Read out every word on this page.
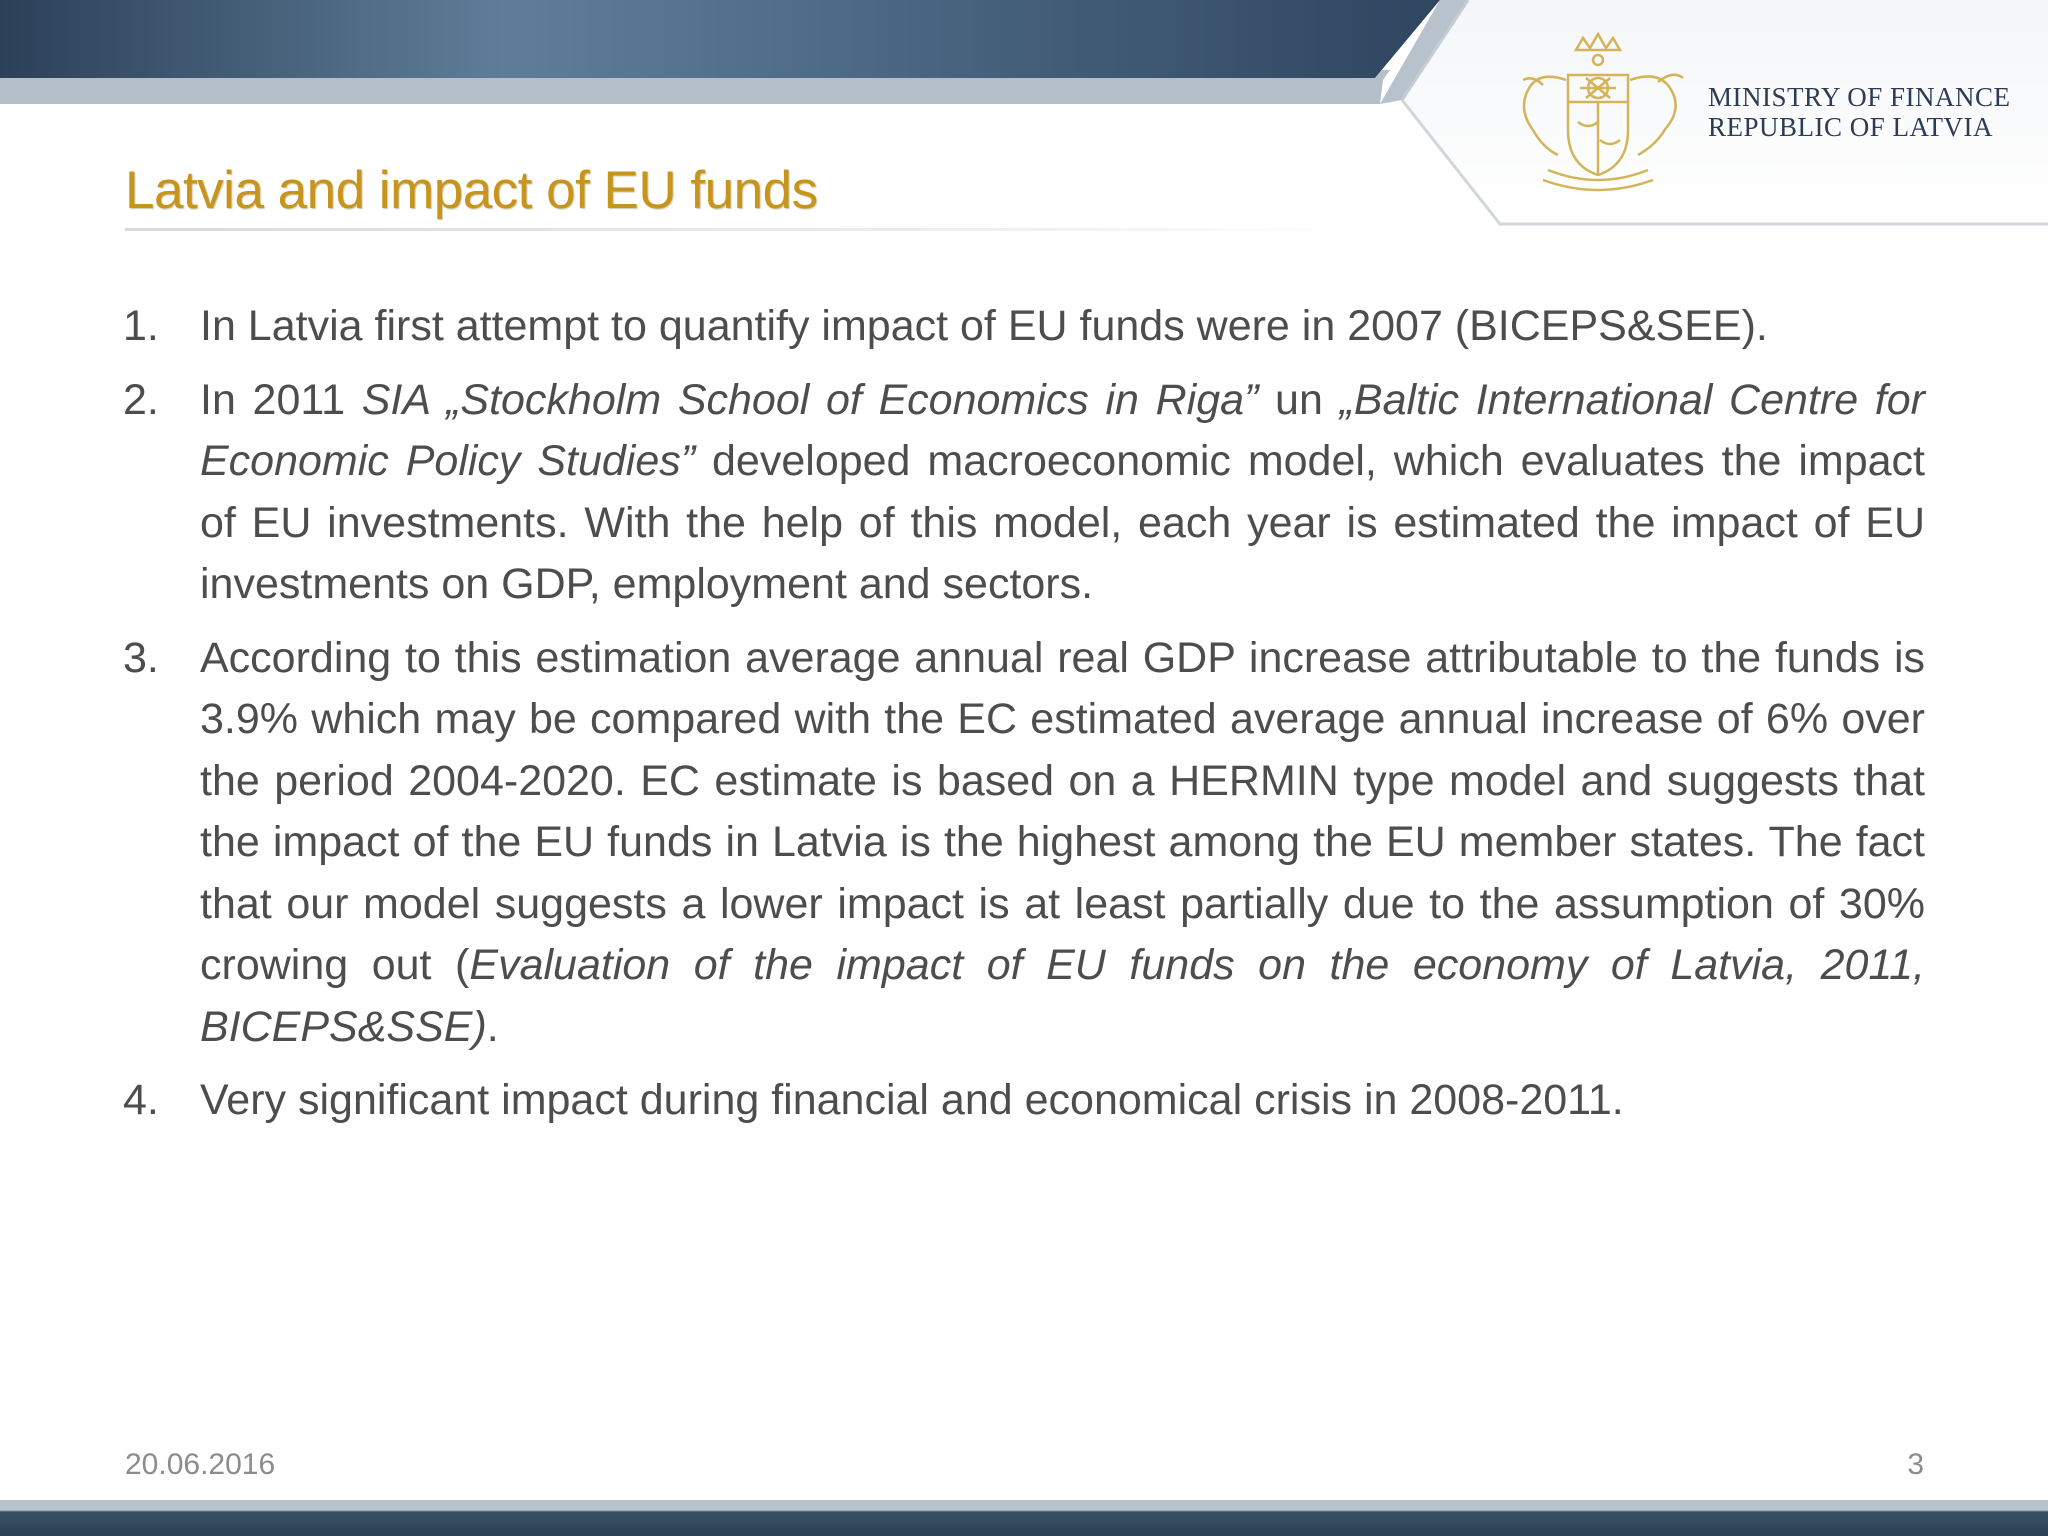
MINISTRY OF FINANCE
REPUBLIC OF LATVIA
Latvia and impact of EU funds
1. In Latvia first attempt to quantify impact of EU funds were in 2007 (BICEPS&SEE).
2. In 2011 SIA „Stockholm School of Economics in Riga” un „Baltic International Centre for Economic Policy Studies” developed macroeconomic model, which evaluates the impact of EU investments. With the help of this model, each year is estimated the impact of EU investments on GDP, employment and sectors.
3. According to this estimation average annual real GDP increase attributable to the funds is 3.9% which may be compared with the EC estimated average annual increase of 6% over the period 2004-2020. EC estimate is based on a HERMIN type model and suggests that the impact of the EU funds in Latvia is the highest among the EU member states. The fact that our model suggests a lower impact is at least partially due to the assumption of 30% crowing out (Evaluation of the impact of EU funds on the economy of Latvia, 2011, BICEPS&SSE).
4. Very significant impact during financial and economical crisis in 2008-2011.
20.06.2016	3
